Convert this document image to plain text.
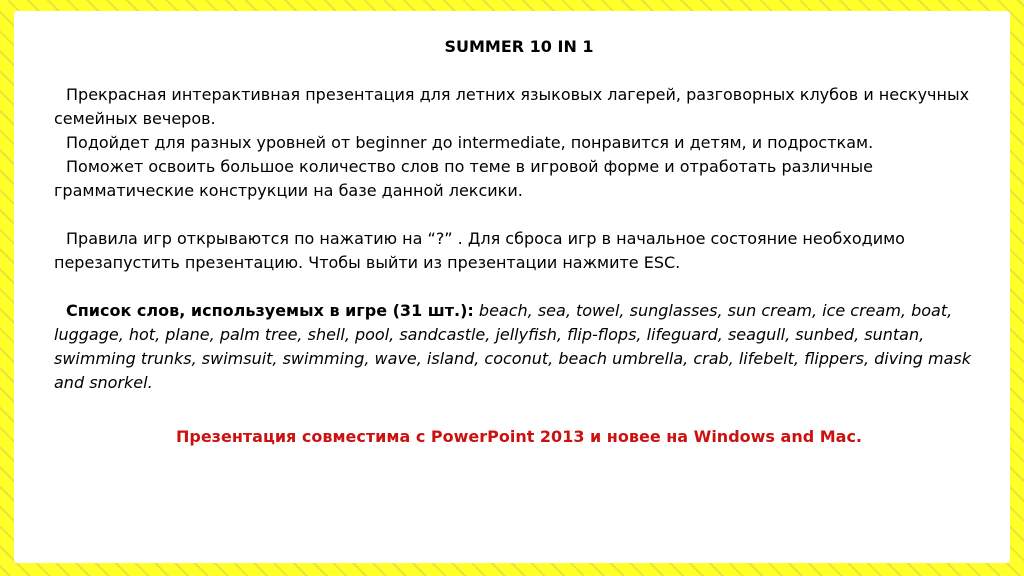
SUMMER 10 IN 1

Прекрасная интерактивная презентация для летних языковых лагерей, разговорных клубов и нескучных семейных вечеров.

Подойдет для разных уровней от beginner до intermediate, понравится и детям, и подросткам.

Поможет освоить большое количество слов по теме в игровой форме и отработать различные грамматические конструкции на базе данной лексики.

Правила игр открываются по нажатию на “?” . Для сброса игр в начальное состояние необходимо перезапустить презентацию. Чтобы выйти из презентации нажмите ESC.

Список слов, используемых в игре (31 шт.): beach, sea, towel, sunglasses, sun cream, ice cream, boat, luggage, hot, plane, palm tree, shell, pool, sandcastle, jellyfish, flip-flops, lifeguard, seagull, sunbed, suntan, swimming trunks, swimsuit, swimming, wave, island, coconut, beach umbrella, crab, lifebelt, flippers, diving mask and snorkel.

Презентация совместима с PowerPoint 2013 и новее на Windows and Mac.
